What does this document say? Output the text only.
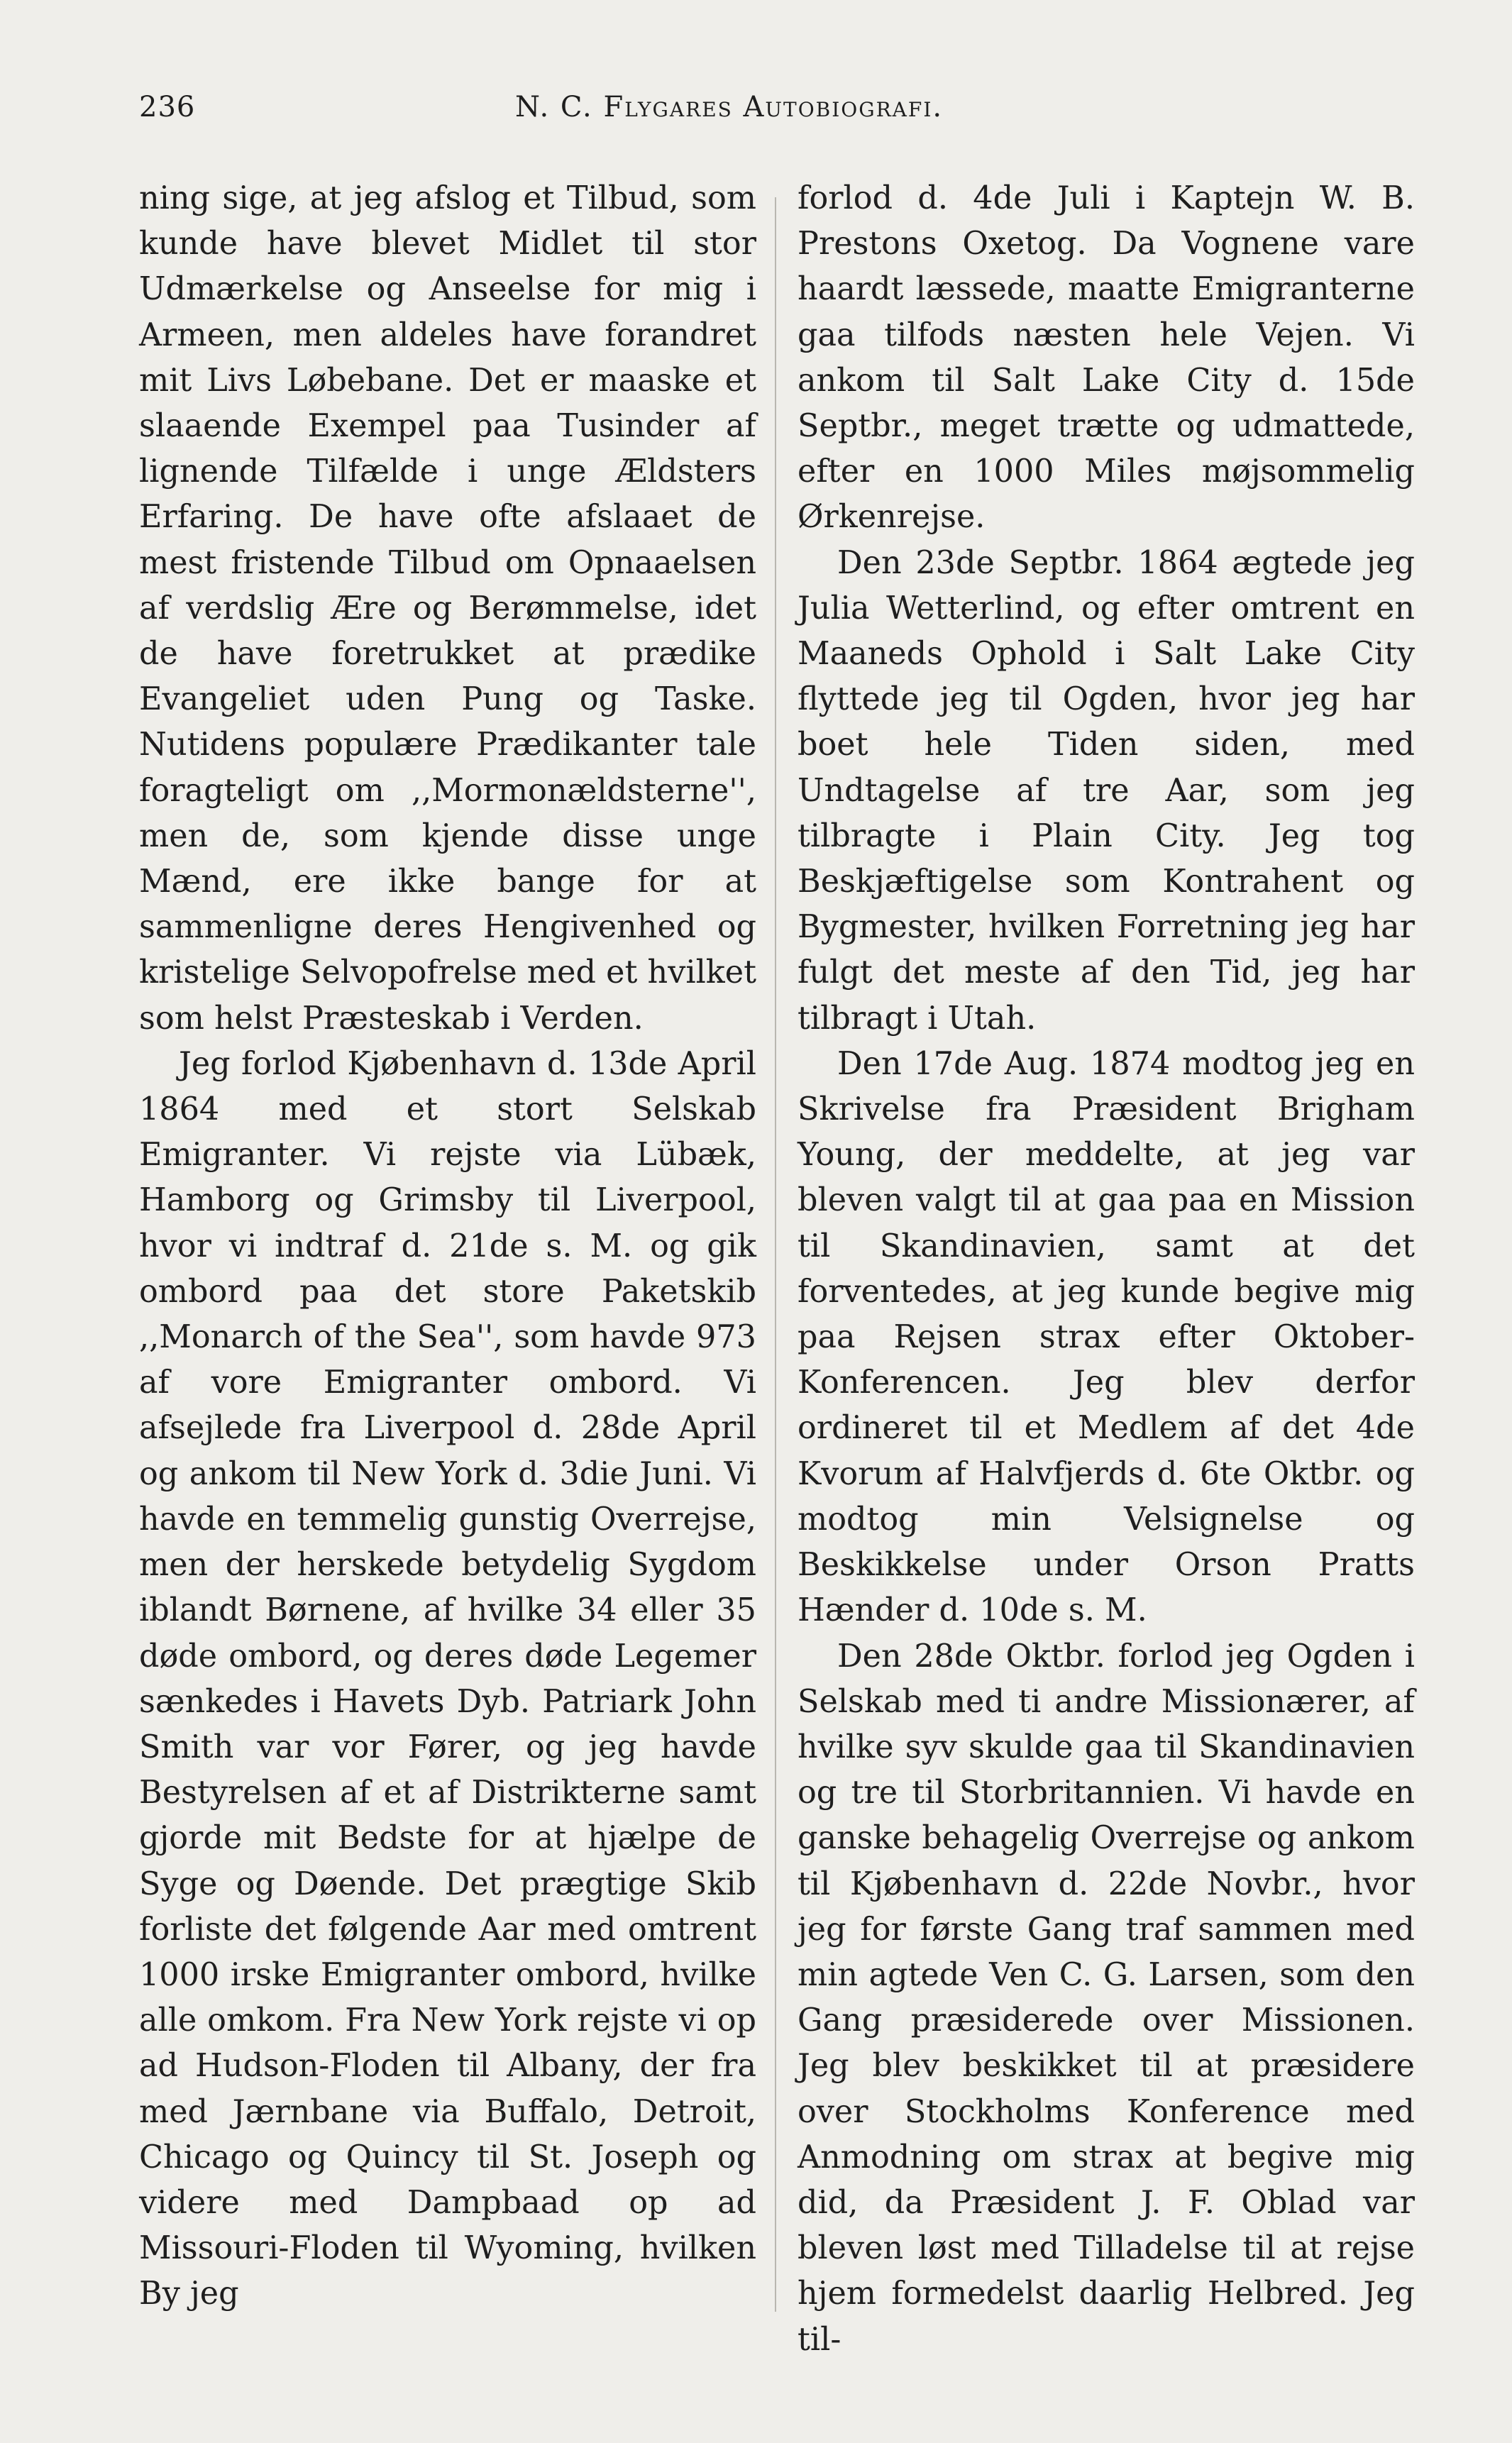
236	N. C. Flygares Autobiografi.

ning sige, at jeg afslog et Tilbud, som kunde have blevet Midlet til stor Udmærkelse og Anseelse for mig i Armeen, men aldeles have forandret mit Livs Løbebane. Det er maaske et slaaende Exempel paa Tusinder af lignende Tilfælde i unge Ældsters Erfaring. De have ofte afslaaet de mest fristende Tilbud om Opnaaelsen af verdslig Ære og Berømmelse, idet de have foretrukket at prædike Evangeliet uden Pung og Taske. Nutidens populære Prædikanter tale foragteligt om ,,Mormonældsterne'', men de, som kjende disse unge Mænd, ere ikke bange for at sammenligne deres Hengivenhed og kristelige Selvopofrelse med et hvilket som helst Præsteskab i Verden.

Jeg forlod Kjøbenhavn d. 13de April 1864 med et stort Selskab Emigranter. Vi rejste via Lübæk, Hamborg og Grimsby til Liverpool, hvor vi indtraf d. 21de s. M. og gik ombord paa det store Paketskib ,,Monarch of the Sea'', som havde 973 af vore Emigranter ombord. Vi afsejlede fra Liverpool d. 28de April og ankom til New York d. 3die Juni. Vi havde en temmelig gunstig Overrejse, men der herskede betydelig Sygdom iblandt Børnene, af hvilke 34 eller 35 døde ombord, og deres døde Legemer sænkedes i Havets Dyb. Patriark John Smith var vor Fører, og jeg havde Bestyrelsen af et af Distrikterne samt gjorde mit Bedste for at hjælpe de Syge og Døende. Det prægtige Skib forliste det følgende Aar med omtrent 1000 irske Emigranter ombord, hvilke alle omkom. Fra New York rejste vi op ad Hudson-Floden til Albany, der fra med Jærnbane via Buffalo, Detroit, Chicago og Quincy til St. Joseph og videre med Dampbaad op ad Missouri-Floden til Wyoming, hvilken By jeg

forlod d. 4de Juli i Kaptejn W. B. Prestons Oxetog. Da Vognene vare haardt læssede, maatte Emigranterne gaa tilfods næsten hele Vejen. Vi ankom til Salt Lake City d. 15de Septbr., meget trætte og udmattede, efter en 1000 Miles møjsommelig Ørkenrejse.

Den 23de Septbr. 1864 ægtede jeg Julia Wetterlind, og efter omtrent en Maaneds Ophold i Salt Lake City flyttede jeg til Ogden, hvor jeg har boet hele Tiden siden, med Undtagelse af tre Aar, som jeg tilbragte i Plain City. Jeg tog Beskjæftigelse som Kontrahent og Bygmester, hvilken Forretning jeg har fulgt det meste af den Tid, jeg har tilbragt i Utah.

Den 17de Aug. 1874 modtog jeg en Skrivelse fra Præsident Brigham Young, der meddelte, at jeg var bleven valgt til at gaa paa en Mission til Skandinavien, samt at det forventedes, at jeg kunde begive mig paa Rejsen strax efter Oktober-Konferencen. Jeg blev derfor ordineret til et Medlem af det 4de Kvorum af Halvfjerds d. 6te Oktbr. og modtog min Velsignelse og Beskikkelse under Orson Pratts Hænder d. 10de s. M.

Den 28de Oktbr. forlod jeg Ogden i Selskab med ti andre Missionærer, af hvilke syv skulde gaa til Skandinavien og tre til Storbritannien. Vi havde en ganske behagelig Overrejse og ankom til Kjøbenhavn d. 22de Novbr., hvor jeg for første Gang traf sammen med min agtede Ven C. G. Larsen, som den Gang præsiderede over Missionen. Jeg blev beskikket til at præsidere over Stockholms Konference med Anmodning om strax at begive mig did, da Præsident J. F. Oblad var bleven løst med Tilladelse til at rejse hjem formedelst daarlig Helbred. Jeg til-
